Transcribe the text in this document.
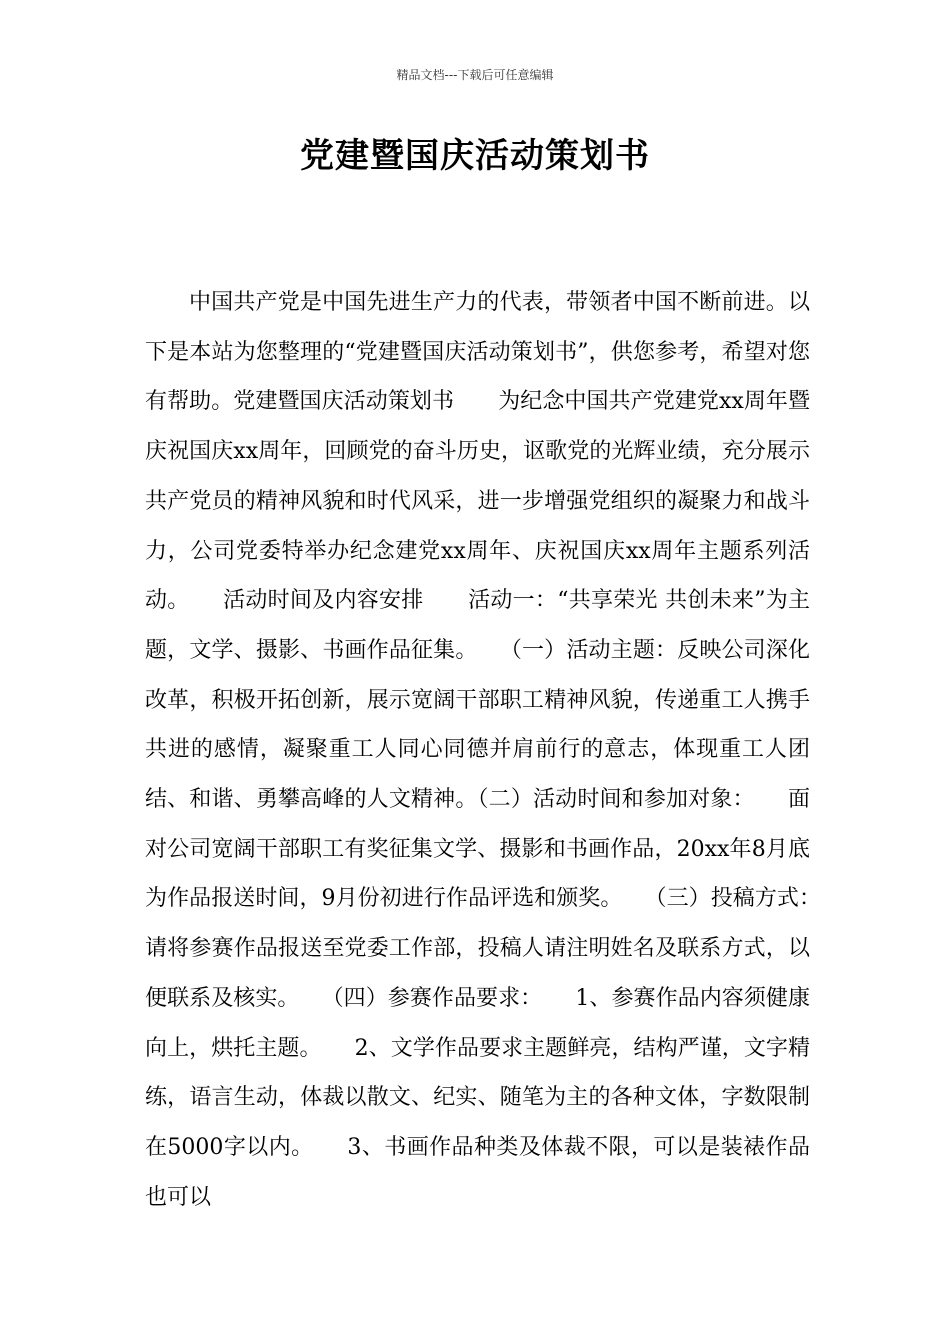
精品文档---下载后可任意编辑
党建暨国庆活动策划书

中国共产党是中国先进生产力的代表，带领者中国不断前进。以下是本站为您整理的“党建暨国庆活动策划书”，供您参考，希望对您有帮助。党建暨国庆活动策划书　　为纪念中国共产党建党xx周年暨庆祝国庆xx周年，回顾党的奋斗历史，讴歌党的光辉业绩，充分展示共产党员的精神风貌和时代风采，进一步增强党组织的凝聚力和战斗力，公司党委特举办纪念建党xx周年、庆祝国庆xx周年主题系列活动。　　活动时间及内容安排　　活动一：“共享荣光 共创未来”为主题，文学、摄影、书画作品征集。　　（一）活动主题：反映公司深化改革，积极开拓创新，展示宽阔干部职工精神风貌，传递重工人携手共进的感情，凝聚重工人同心同德并肩前行的意志，体现重工人团结、和谐、勇攀高峰的人文精神。（二）活动时间和参加对象：　　面对公司宽阔干部职工有奖征集文学、摄影和书画作品，20xx年8月底为作品报送时间，9月份初进行作品评选和颁奖。　　（三）投稿方式：　　请将参赛作品报送至党委工作部，投稿人请注明姓名及联系方式，以便联系及核实。　　（四）参赛作品要求：　　1、参赛作品内容须健康向上，烘托主题。　　2、文学作品要求主题鲜亮，结构严谨，文字精练，语言生动，体裁以散文、纪实、随笔为主的各种文体，字数限制在5000字以内。　　3、书画作品种类及体裁不限，可以是装裱作品也可以
